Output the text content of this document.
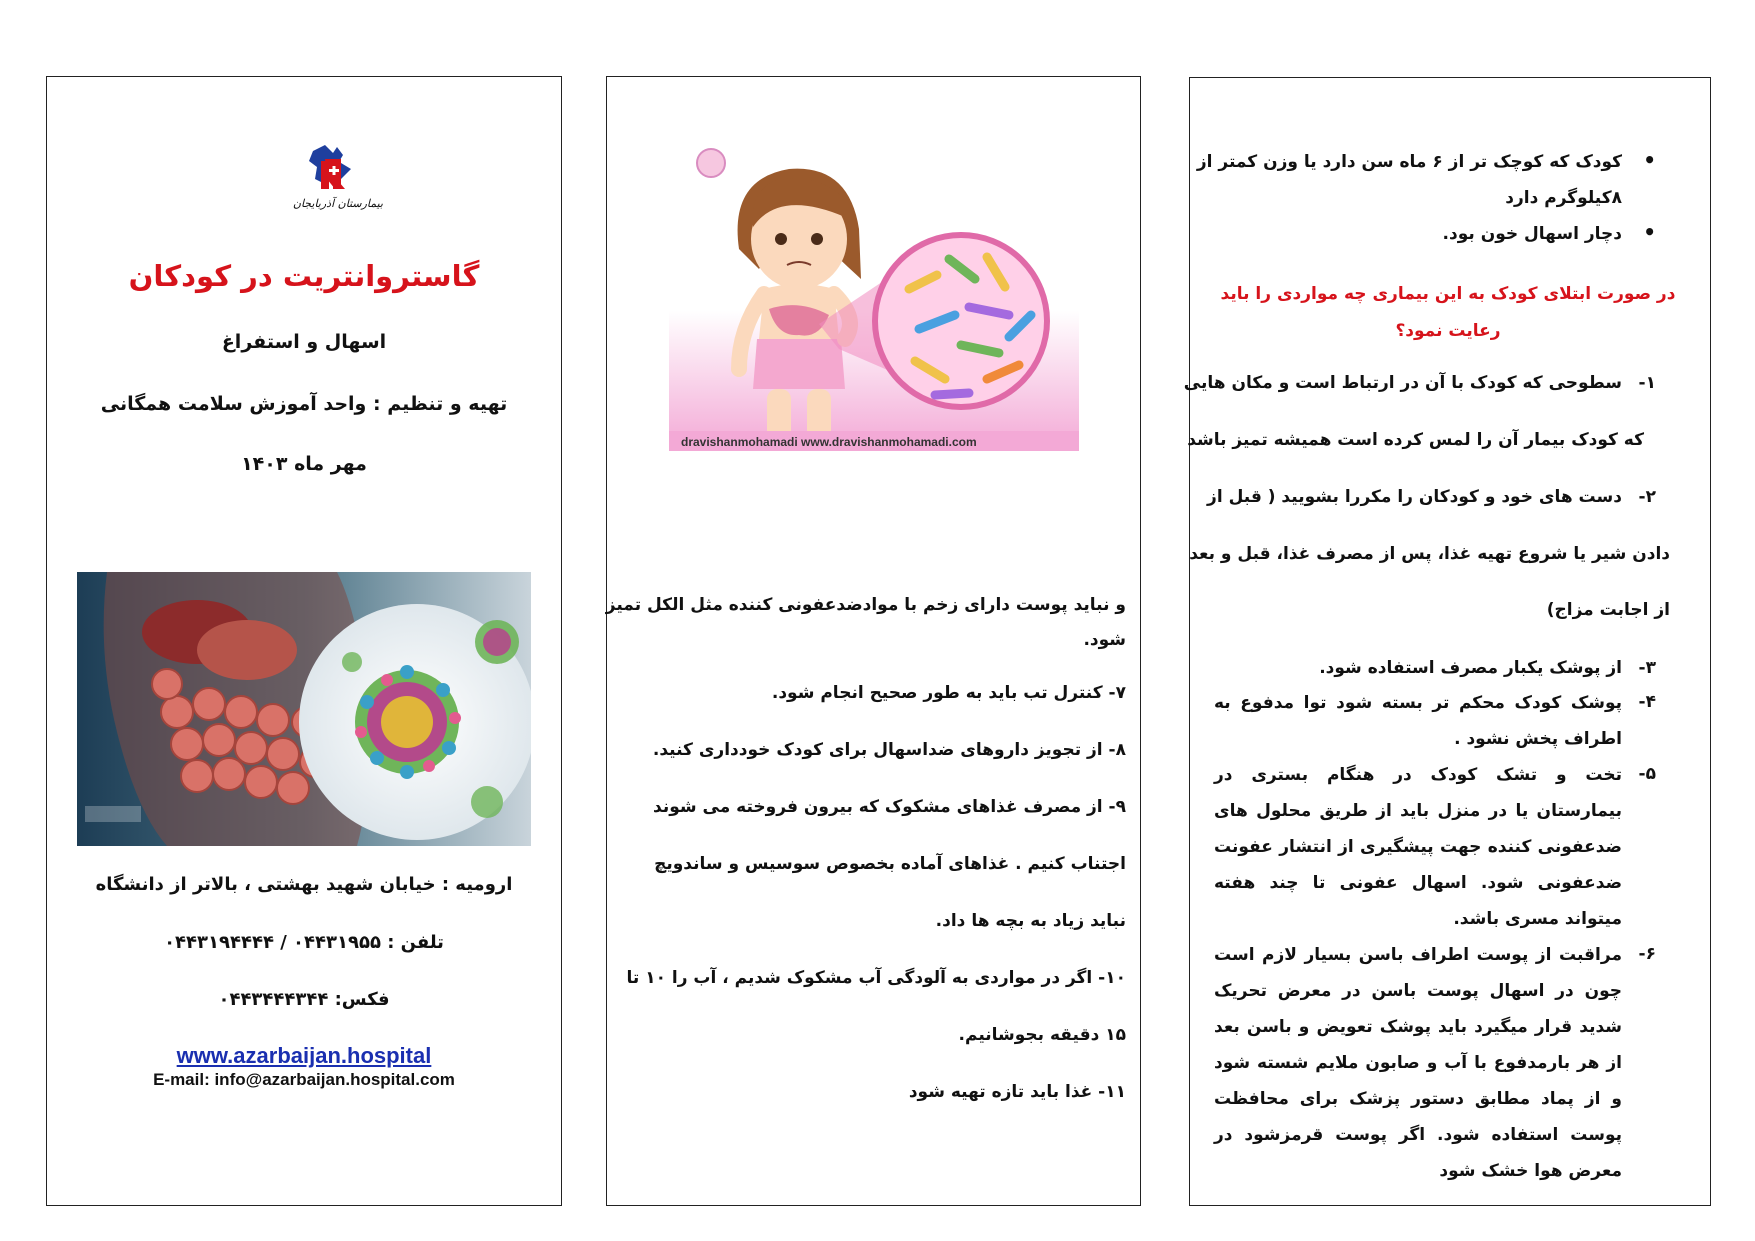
بیمارستان آذربایجان
گاستروانتریت در کودکان
اسهال و استفراغ
تهیه و تنظیم : واحد آموزش سلامت همگانی
مهر ماه ۱۴۰۳
ارومیه : خیابان شهید بهشتی ، بالاتر از دانشگاه
تلفن : ۰۴۴۳۱۹۵۵ / ۰۴۴۳۱۹۴۴۴۴
فکس: ۰۴۴۳۴۴۴۳۴۴
www.azarbaijan.hospital
E-mail: info@azarbaijan.hospital.com
dravishanmohamadi www.dravishanmohamadi.com
و نباید پوست دارای زخم با موادضدعفونی کننده مثل الکل تمیز
شود.
۷- کنترل تب باید به طور صحیح انجام شود.
۸- از تجویز داروهای ضداسهال برای کودک خودداری کنید.
۹- از مصرف غذاهای مشکوک که بیرون فروخته می شوند
اجتناب کنیم . غذاهای آماده بخصوص سوسیس و ساندویچ
نباید زیاد به بچه ها داد.
۱۰- اگر در مواردی به آلودگی آب مشکوک شدیم ، آب را ۱۰ تا
۱۵ دقیقه بجوشانیم.
۱۱- غذا باید تازه تهیه شود
•
کودک که کوچک تر از ۶ ماه سن دارد یا وزن کمتر از
۸کیلوگرم دارد
•
دچار اسهال خون بود.
در صورت ابتلای کودک به این بیماری چه مواردی را باید رعایت نمود؟
۱-
سطوحی که کودک با آن در ارتباط است و مکان هایی
که کودک بیمار آن را لمس کرده است همیشه تمیز باشد
۲-
دست های خود و کودکان را مکررا بشویید ( قبل از
دادن شیر یا شروع تهیه غذا، پس از مصرف غذا، قبل و بعد
از اجابت مزاج)
۳-
از پوشک یکبار مصرف استفاده شود.
۴-
پوشک کودک محکم تر بسته شود توا مدفوع به اطراف پخش نشود .
۵-
تخت و تشک کودک در هنگام بستری در بیمارستان یا در منزل باید از طریق محلول های ضدعفونی کننده جهت پیشگیری از انتشار عفونت ضدعفونی شود. اسهال عفونی تا چند هفته میتواند مسری باشد.
۶-
مراقبت از پوست اطراف باسن بسیار لازم است چون در اسهال پوست باسن در معرض تحریک شدید قرار میگیرد باید پوشک تعویض و باسن بعد از هر بارمدفوع با آب و صابون ملایم شسته شود و از پماد مطابق دستور پزشک برای محافظت پوست استفاده شود. اگر پوست قرمزشود در معرض هوا خشک شود
